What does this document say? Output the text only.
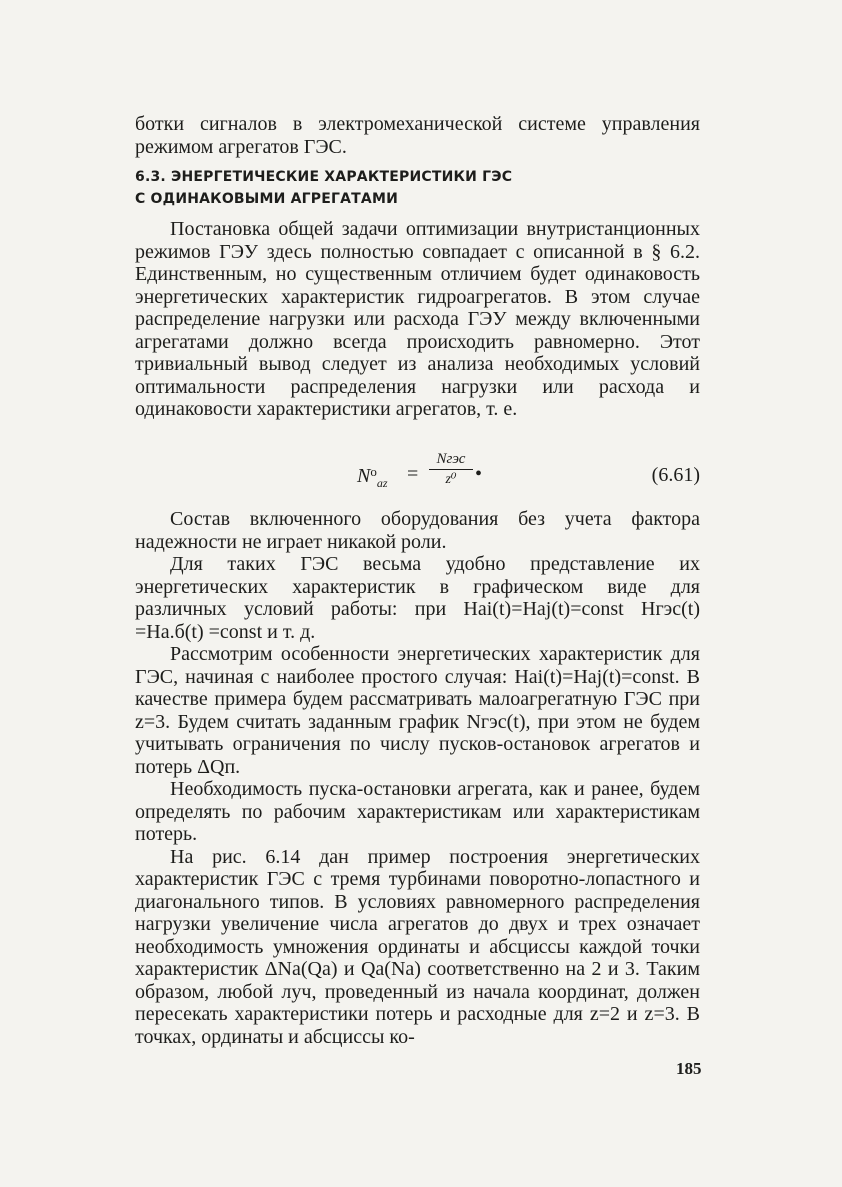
ботки сигналов в электромеханической системе управления режимом агрегатов ГЭС.

6.3. ЭНЕРГЕТИЧЕСКИЕ ХАРАКТЕРИСТИКИ ГЭС

С ОДИНАКОВЫМИ АГРЕГАТАМИ

Постановка общей задачи оптимизации внутристанционных режимов ГЭУ здесь полностью совпадает с описанной в § 6.2. Единственным, но существенным отличием будет одинаковость энергетических характеристик гидроагрегатов. В этом случае распределение нагрузки или расхода ГЭУ между включенными агрегатами должно всегда происходить равномерно. Этот тривиальный вывод следует из анализа необходимых условий оптимальности распределения нагрузки или расхода и одинаковости характеристики агрегатов, т. е.

$N^o_{az}$ =
Nгэс
z⁰ •	(6.61)

Состав включенного оборудования без учета фактора надежности не играет никакой роли.

Для таких ГЭС весьма удобно представление их энергетических характеристик в графическом виде для различных условий работы: при Hai(t)=Haj(t)=const Hгэс(t) =Hа.б(t) =const и т. д.

Рассмотрим особенности энергетических характеристик для ГЭС, начиная с наиболее простого случая: Hai(t)=Haj(t)=const. В качестве примера будем рассматривать малоагрегатную ГЭС при z=3. Будем считать заданным график Nгэс(t), при этом не будем учитывать ограничения по числу пусков-остановок агрегатов и потерь ΔQп.

Необходимость пуска-остановки агрегата, как и ранее, будем определять по рабочим характеристикам или характеристикам потерь.

На рис. 6.14 дан пример построения энергетических характеристик ГЭС с тремя турбинами поворотно-лопастного и диагонального типов. В условиях равномерного распределения нагрузки увеличение числа агрегатов до двух и трех означает необходимость умножения ординаты и абсцисcы каждой точки характеристик ΔNa(Qa) и Qa(Na) соответственно на 2 и 3. Таким образом, любой луч, проведенный из начала координат, должен пересекать характеристики потерь и расходные для z=2 и z=3. В точках, ординаты и абсциссы ко-

185
